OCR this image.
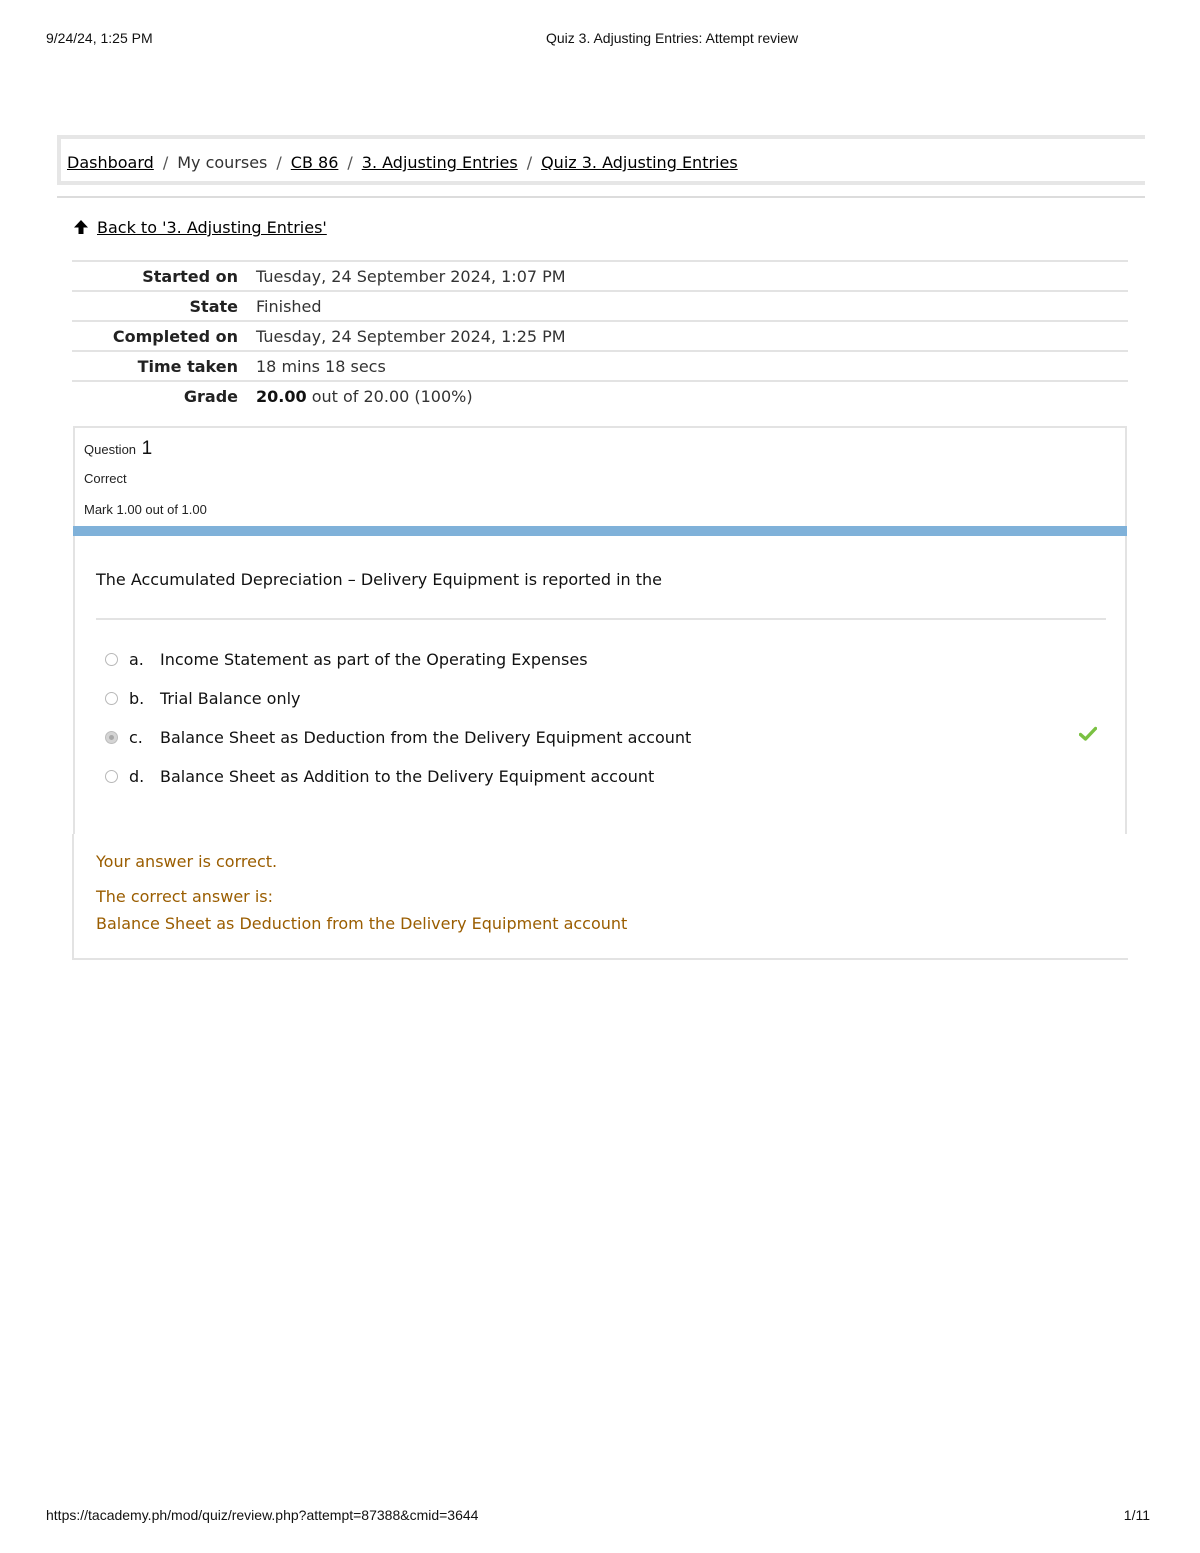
9/24/24, 1:25 PM	Quiz 3. Adjusting Entries: Attempt review
Dashboard / My courses / CB 86 / 3. Adjusting Entries / Quiz 3. Adjusting Entries
Back to '3. Adjusting Entries'
Started on Tuesday, 24 September 2024, 1:07 PM
State Finished
Completed on Tuesday, 24 September 2024, 1:25 PM
Time taken 18 mins 18 secs
Grade 20.00 out of 20.00 (100%)
Question 1
Correct
Mark 1.00 out of 1.00
The Accumulated Depreciation – Delivery Equipment is reported in the
a. Income Statement as part of the Operating Expenses
b. Trial Balance only
c. Balance Sheet as Deduction from the Delivery Equipment account
d. Balance Sheet as Addition to the Delivery Equipment account
Your answer is correct.
The correct answer is:
Balance Sheet as Deduction from the Delivery Equipment account
https://tacademy.ph/mod/quiz/review.php?attempt=87388&cmid=3644	1/11
